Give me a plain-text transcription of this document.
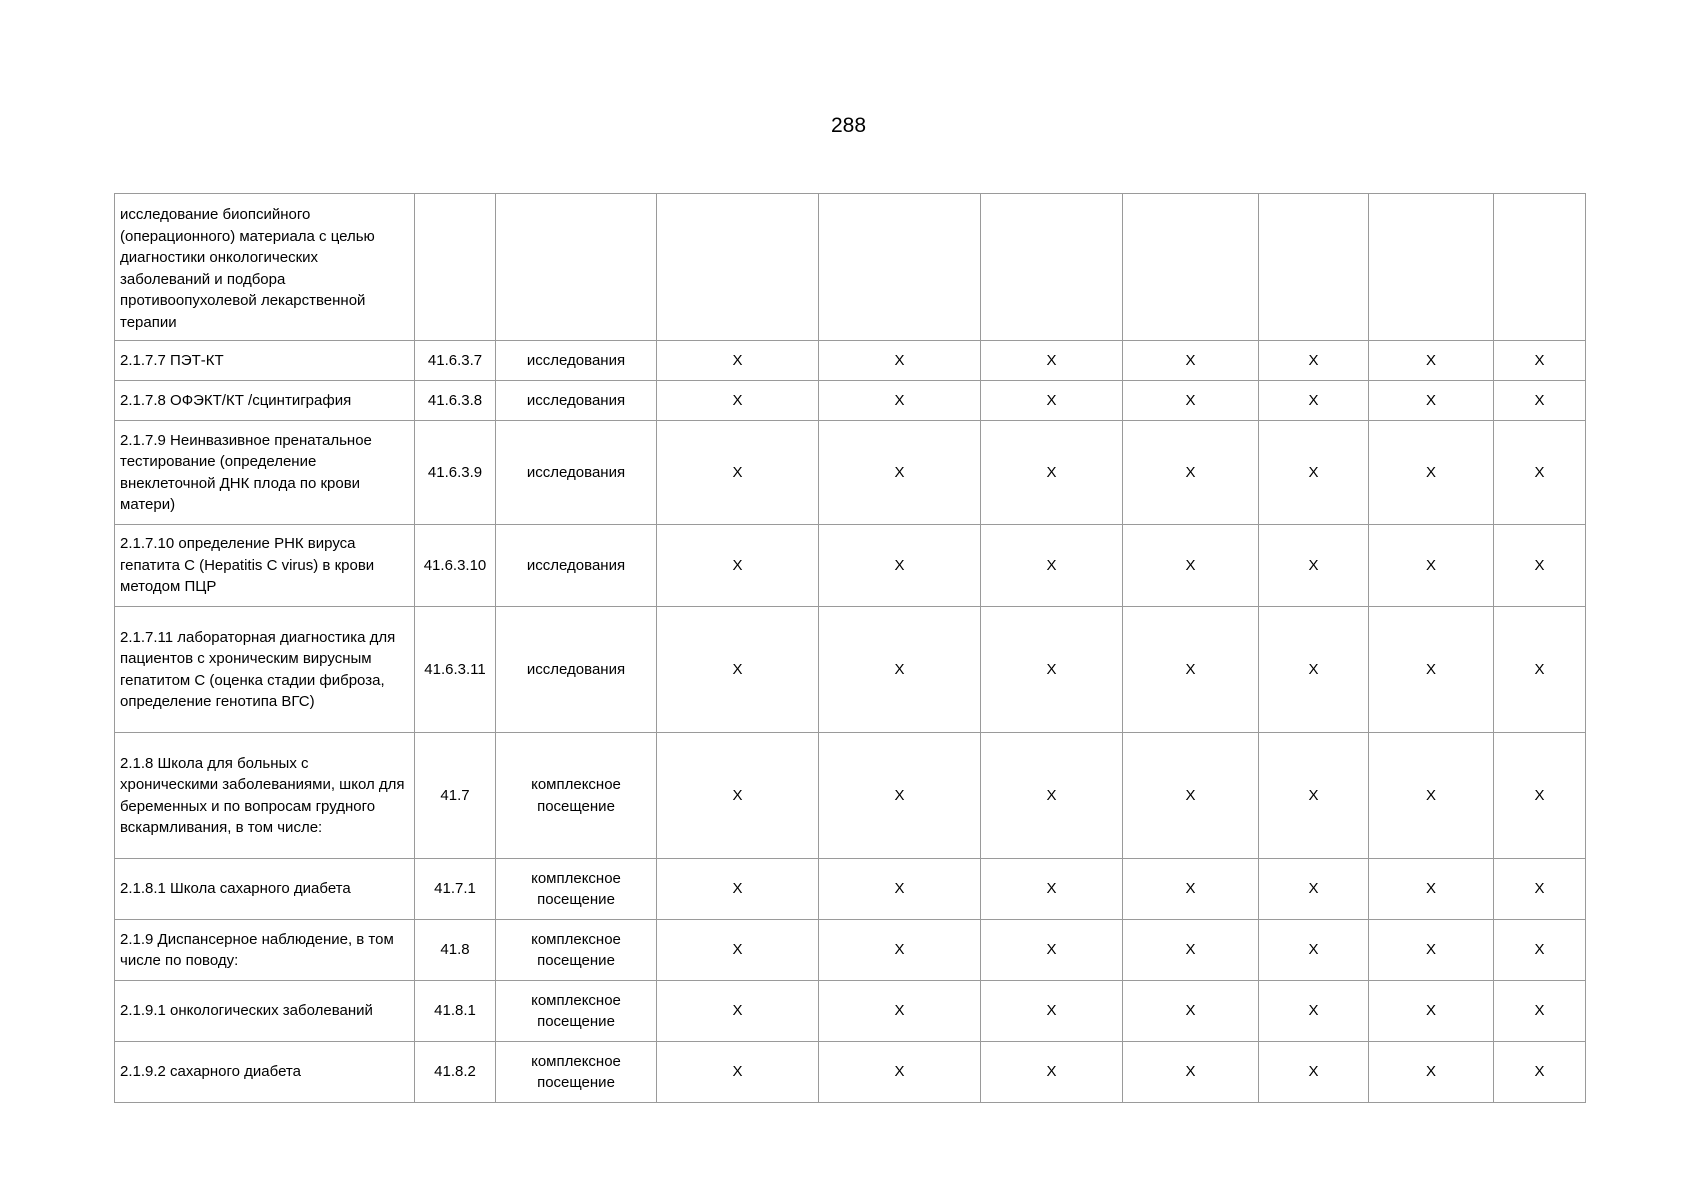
288
исследование биопсийного (операционного) материала с целью диагностики онкологических заболеваний и подбора противоопухолевой лекарственной терапии									
2.1.7.7 ПЭТ-КТ	41.6.3.7	исследования	X	X	X	X	X	X	X
2.1.7.8 ОФЭКТ/КТ /сцинтиграфия	41.6.3.8	исследования	X	X	X	X	X	X	X
2.1.7.9 Неинвазивное пренатальное тестирование (определение внеклеточной ДНК плода по крови матери)	41.6.3.9	исследования	X	X	X	X	X	X	X
2.1.7.10 определение РНК вируса гепатита С (Hepatitis C virus) в крови методом ПЦР	41.6.3.10	исследования	X	X	X	X	X	X	X
2.1.7.11 лабораторная диагностика для пациентов с хроническим вирусным гепатитом С (оценка стадии фиброза, определение генотипа ВГС)	41.6.3.11	исследования	X	X	X	X	X	X	X
2.1.8 Школа для больных с хроническими заболеваниями, школ для беременных и по вопросам грудного вскармливания, в том числе:	41.7	комплексное посещение	X	X	X	X	X	X	X
2.1.8.1 Школа сахарного диабета	41.7.1	комплексное посещение	X	X	X	X	X	X	X
2.1.9 Диспансерное наблюдение, в том числе по поводу:	41.8	комплексное посещение	X	X	X	X	X	X	X
2.1.9.1 онкологических заболеваний	41.8.1	комплексное посещение	X	X	X	X	X	X	X
2.1.9.2 сахарного диабета	41.8.2	комплексное посещение	X	X	X	X	X	X	X
